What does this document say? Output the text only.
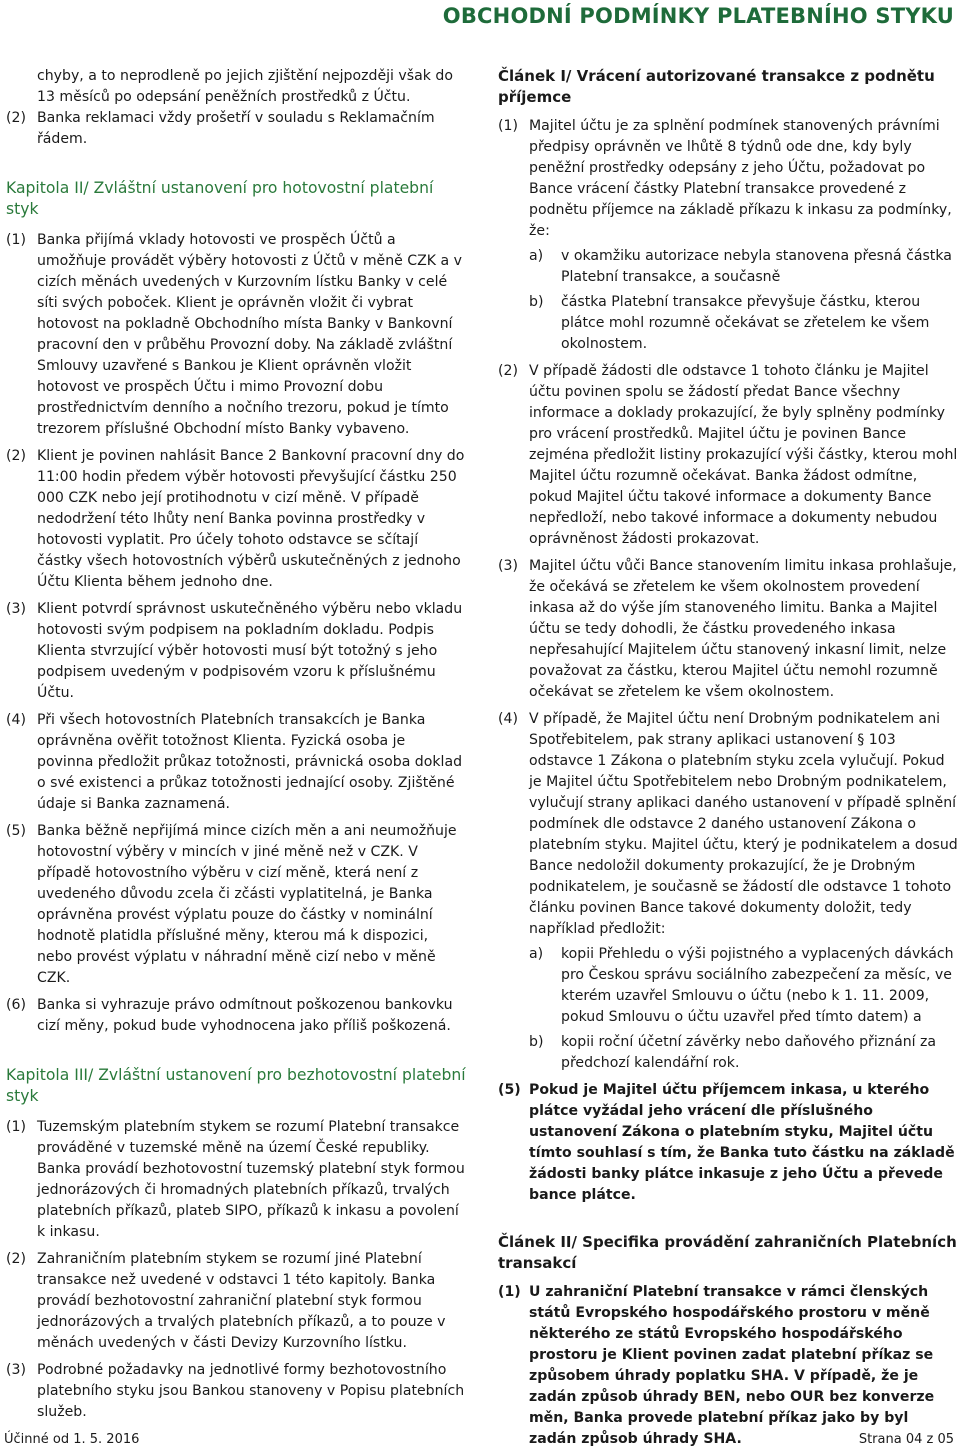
OBCHODNÍ PODMÍNKY PLATEBNÍHO STYKU

chyby, a to neprodleně po jejich zjištění nejpozději však do 13 měsíců po odepsání peněžních prostředků z Účtu.

(2) Banka reklamaci vždy prošetří v souladu s Reklamačním řádem.
Kapitola II/ Zvláštní ustanovení pro hotovostní platební styk
(1) Banka přijímá vklady hotovosti ve prospěch Účtů a umožňuje provádět výběry hotovosti z Účtů v měně CZK a v cizích měnách uvedených v Kurzovním lístku Banky v celé síti svých poboček. Klient je oprávněn vložit či vybrat hotovost na pokladně Obchodního místa Banky v Bankovní pracovní den v průběhu Provozní doby. Na základě zvláštní Smlouvy uzavřené s Bankou je Klient oprávněn vložit hotovost ve prospěch Účtu i mimo Provozní dobu prostřednictvím denního a nočního trezoru, pokud je tímto trezorem příslušné Obchodní místo Banky vybaveno.
(2) Klient je povinen nahlásit Bance 2 Bankovní pracovní dny do 11:00 hodin předem výběr hotovosti převyšující částku 250 000 CZK nebo její protihodnotu v cizí měně. V případě nedodržení této lhůty není Banka povinna prostředky v hotovosti vyplatit. Pro účely tohoto odstavce se sčítají částky všech hotovostních výběrů uskutečněných z jednoho Účtu Klienta během jednoho dne.
(3) Klient potvrdí správnost uskutečněného výběru nebo vkladu hotovosti svým podpisem na pokladním dokladu. Podpis Klienta stvrzující výběr hotovosti musí být totožný s jeho podpisem uvedeným v podpisovém vzoru k příslušnému Účtu.
(4) Při všech hotovostních Platebních transakcích je Banka oprávněna ověřit totožnost Klienta. Fyzická osoba je povinna předložit průkaz totožnosti, právnická osoba doklad o své existenci a průkaz totožnosti jednající osoby. Zjištěné údaje si Banka zaznamená.
(5) Banka běžně nepřijímá mince cizích měn a ani neumožňuje hotovostní výběry v mincích v jiné měně než v CZK. V případě hotovostního výběru v cizí měně, která není z uvedeného důvodu zcela či zčásti vyplatitelná, je Banka oprávněna provést výplatu pouze do částky v nominální hodnotě platidla příslušné měny, kterou má k dispozici, nebo provést výplatu v náhradní měně cizí nebo v měně CZK.
(6) Banka si vyhrazuje právo odmítnout poškozenou bankovku cizí měny, pokud bude vyhodnocena jako příliš poškozená.
Kapitola III/ Zvláštní ustanovení pro bezhotovostní platební styk
(1) Tuzemským platebním stykem se rozumí Platební transakce prováděné v tuzemské měně na území České republiky. Banka provádí bezhotovostní tuzemský platební styk formou jednorázových či hromadných platebních příkazů, trvalých platebních příkazů, plateb SIPO, příkazů k inkasu a povolení k inkasu.
(2) Zahraničním platebním stykem se rozumí jiné Platební transakce než uvedené v odstavci 1 této kapitoly. Banka provádí bezhotovostní zahraniční platební styk formou jednorázových a trvalých platebních příkazů, a to pouze v měnách uvedených v části Devizy Kurzovního lístku.
(3) Podrobné požadavky na jednotlivé formy bezhotovostního platebního styku jsou Bankou stanoveny v Popisu platebních služeb.
Článek I/ Vrácení autorizované transakce z podnětu příjemce
(1) Majitel účtu je za splnění podmínek stanovených právními předpisy oprávněn ve lhůtě 8 týdnů ode dne, kdy byly peněžní prostředky odepsány z jeho Účtu, požadovat po Bance vrácení částky Platební transakce provedené z podnětu příjemce na základě příkazu k inkasu za podmínky, že:
a) v okamžiku autorizace nebyla stanovena přesná částka Platební transakce, a současně
b) částka Platební transakce převyšuje částku, kterou plátce mohl rozumně očekávat se zřetelem ke všem okolnostem.
(2) V případě žádosti dle odstavce 1 tohoto článku je Majitel účtu povinen spolu se žádostí předat Bance všechny informace a doklady prokazující, že byly splněny podmínky pro vrácení prostředků. Majitel účtu je povinen Bance zejména předložit listiny prokazující výši částky, kterou mohl Majitel účtu rozumně očekávat. Banka žádost odmítne, pokud Majitel účtu takové informace a dokumenty Bance nepředloží, nebo takové informace a dokumenty nebudou oprávněnost žádosti prokazovat.
(3) Majitel účtu vůči Bance stanovením limitu inkasa prohlašuje, že očekává se zřetelem ke všem okolnostem provedení inkasa až do výše jím stanoveného limitu. Banka a Majitel účtu se tedy dohodli, že částku provedeného inkasa nepřesahující Majitelem účtu stanovený inkasní limit, nelze považovat za částku, kterou Majitel účtu nemohl rozumně očekávat se zřetelem ke všem okolnostem.
(4) V případě, že Majitel účtu není Drobným podnikatelem ani Spotřebitelem, pak strany aplikaci ustanovení § 103 odstavce 1 Zákona o platebním styku zcela vylučují. Pokud je Majitel účtu Spotřebitelem nebo Drobným podnikatelem, vylučují strany aplikaci daného ustanovení v případě splnění podmínek dle odstavce 2 daného ustanovení Zákona o platebním styku. Majitel účtu, který je podnikatelem a dosud Bance nedoložil dokumenty prokazující, že je Drobným podnikatelem, je současně se žádostí dle odstavce 1 tohoto článku povinen Bance takové dokumenty doložit, tedy například předložit:
a) kopii Přehledu o výši pojistného a vyplacených dávkách pro Českou správu sociálního zabezpečení za měsíc, ve kterém uzavřel Smlouvu o účtu (nebo k 1. 11. 2009, pokud Smlouvu o účtu uzavřel před tímto datem) a
b) kopii roční účetní závěrky nebo daňového přiznání za předchozí kalendářní rok.
(5) Pokud je Majitel účtu příjemcem inkasa, u kterého plátce vyžádal jeho vrácení dle příslušného ustanovení Zákona o platebním styku, Majitel účtu tímto souhlasí s tím, že Banka tuto částku na základě žádosti banky plátce inkasuje z jeho Účtu a převede bance plátce.
Článek II/ Specifika provádění zahraničních Platebních transakcí
(1) U zahraniční Platební transakce v rámci členských států Evropského hospodářského prostoru v měně některého ze států Evropského hospodářského prostoru je Klient povinen zadat platební příkaz se způsobem úhrady poplatku SHA. V případě, že je zadán způsob úhrady BEN, nebo OUR bez konverze měn, Banka provede platební příkaz jako by byl zadán způsob úhrady SHA.
Účinné od 1. 5. 2016	Strana 04 z 05
